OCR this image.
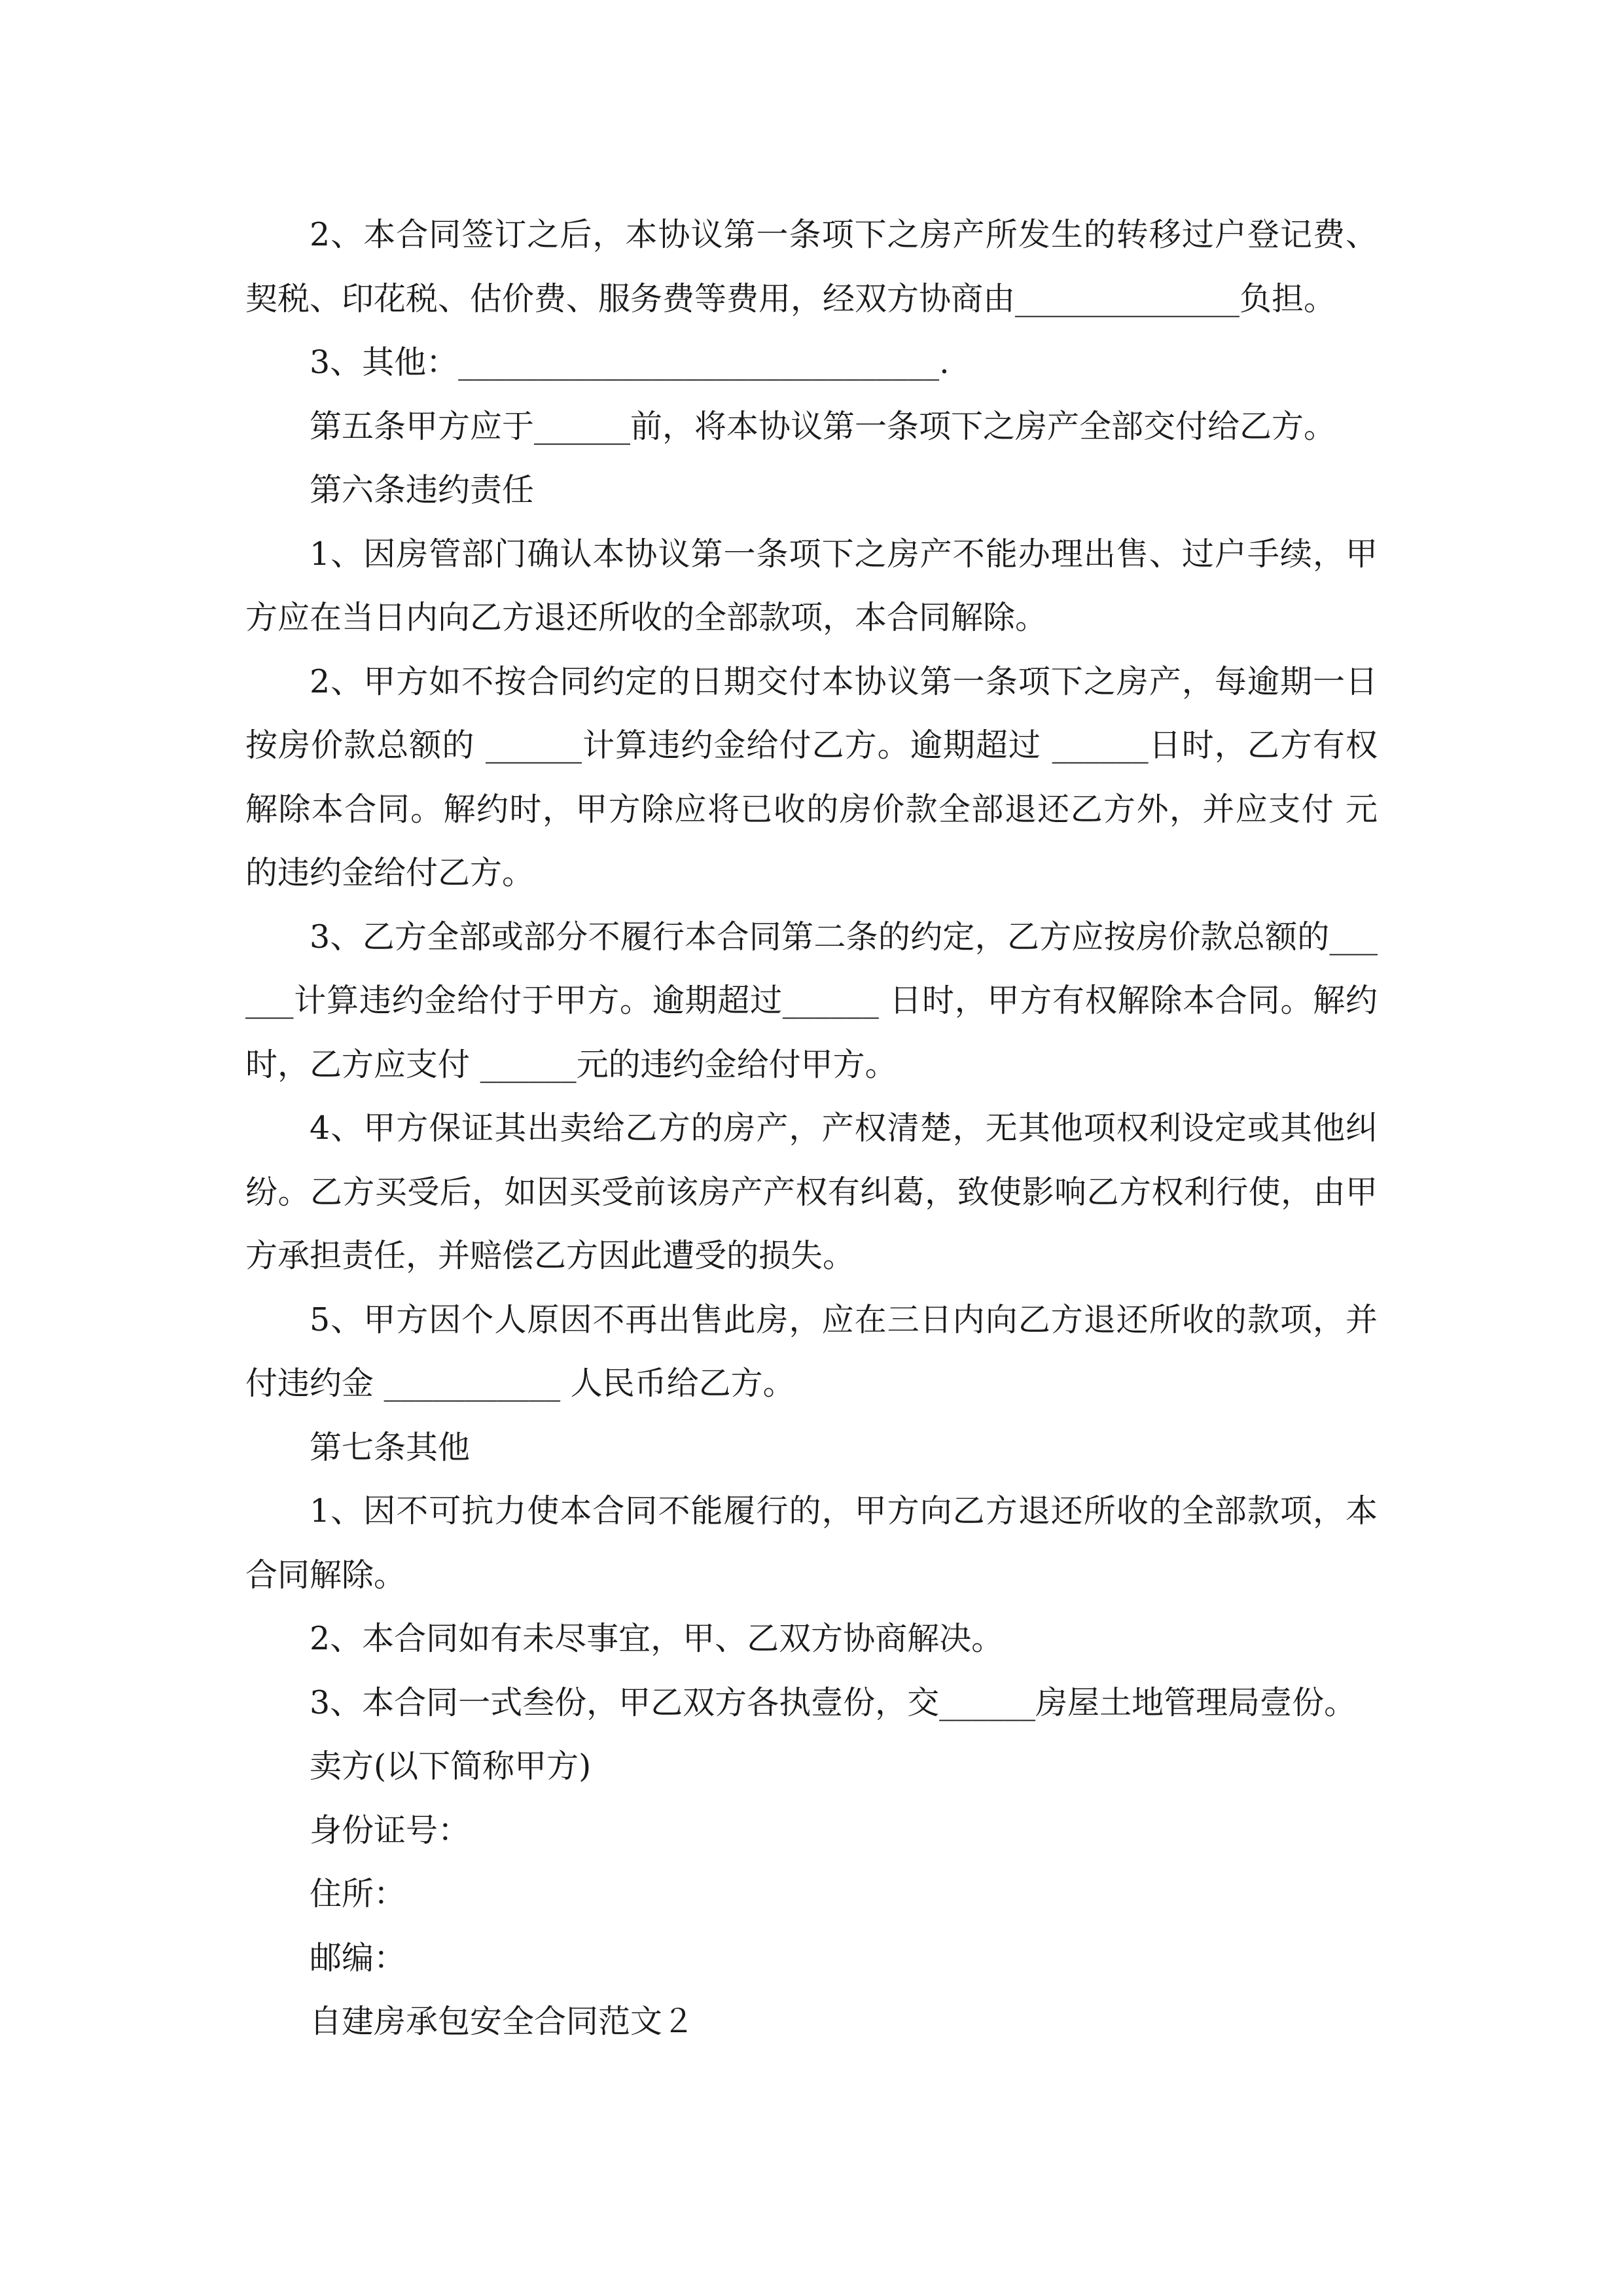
2、本合同签订之后，本协议第一条项下之房产所发生的转移过户登记费、契税、印花税、估价费、服务费等费用，经双方协商由______________负担。

3、其他：______________________________.

第五条甲方应于______前，将本协议第一条项下之房产全部交付给乙方。

第六条违约责任

1、因房管部门确认本协议第一条项下之房产不能办理出售、过户手续，甲方应在当日内向乙方退还所收的全部款项，本合同解除。

2、甲方如不按合同约定的日期交付本协议第一条项下之房产，每逾期一日按房价款总额的 ______计算违约金给付乙方。逾期超过 ______日时，乙方有权解除本合同。解约时，甲方除应将已收的房价款全部退还乙方外，并应支付 元的违约金给付乙方。

3、乙方全部或部分不履行本合同第二条的约定，乙方应按房价款总额的______计算违约金给付于甲方。逾期超过______ 日时，甲方有权解除本合同。解约时，乙方应支付 ______元的违约金给付甲方。

4、甲方保证其出卖给乙方的房产，产权清楚，无其他项权利设定或其他纠纷。乙方买受后，如因买受前该房产产权有纠葛，致使影响乙方权利行使，由甲方承担责任，并赔偿乙方因此遭受的损失。

5、甲方因个人原因不再出售此房，应在三日内向乙方退还所收的款项，并付违约金 ___________ 人民币给乙方。

第七条其他

1、因不可抗力使本合同不能履行的，甲方向乙方退还所收的全部款项，本合同解除。

2、本合同如有未尽事宜，甲、乙双方协商解决。

3、本合同一式叁份，甲乙双方各执壹份，交______房屋土地管理局壹份。

卖方(以下简称甲方)

身份证号：

住所：

邮编：

自建房承包安全合同范文２
